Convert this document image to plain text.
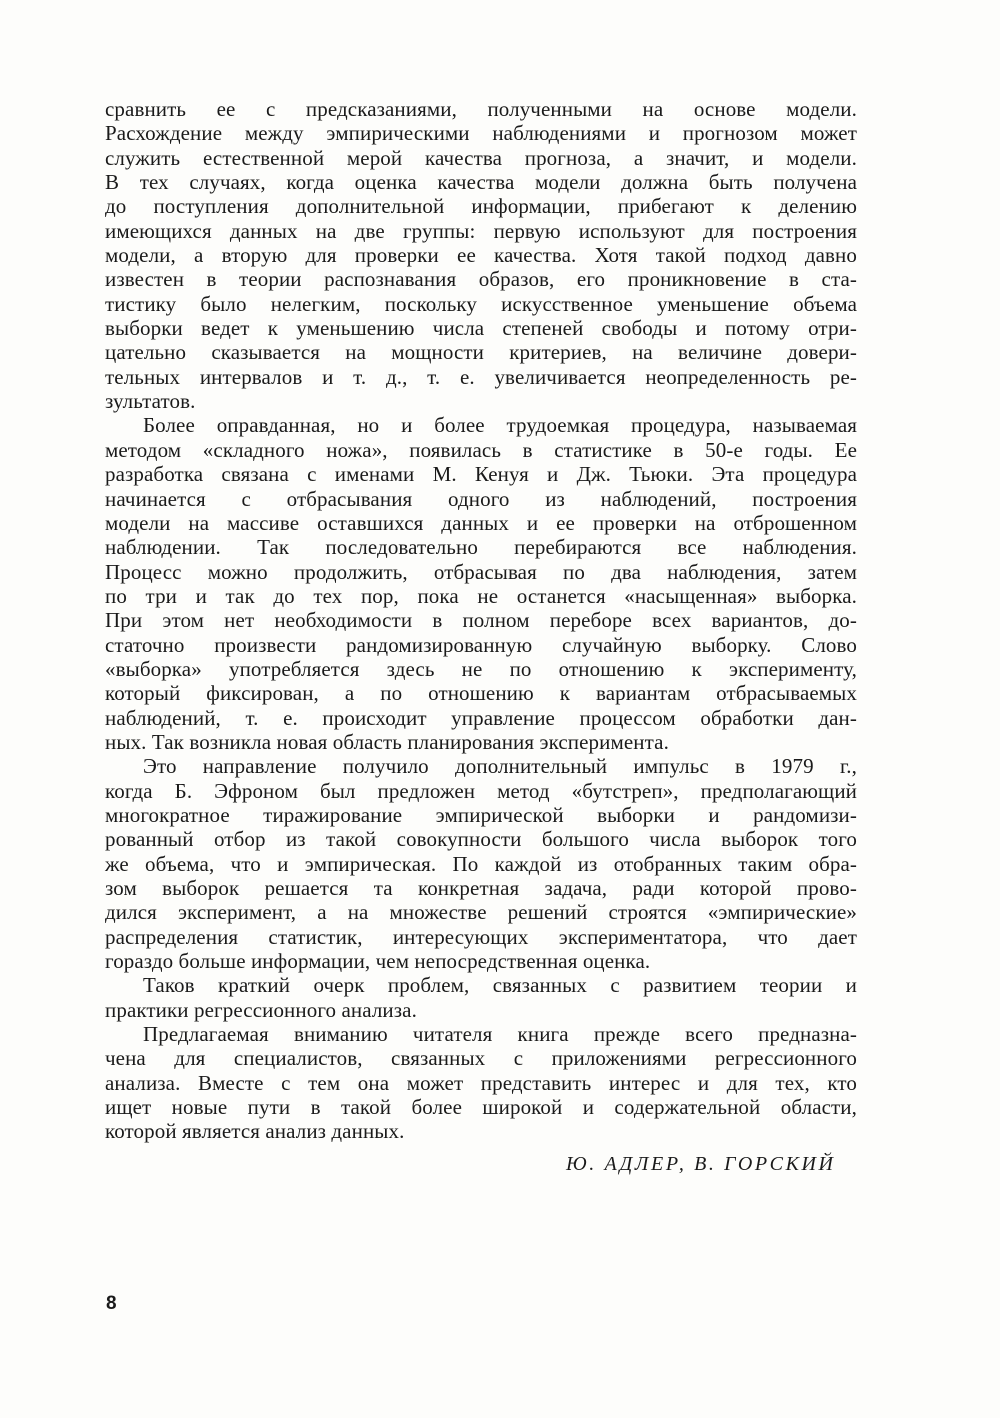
сравнить ее с предсказаниями, полученными на основе модели.
Расхождение между эмпирическими наблюдениями и прогнозом может
служить естественной мерой качества прогноза, а значит, и модели.
В тех случаях, когда оценка качества модели должна быть получена
до поступления дополнительной информации, прибегают к делению
имеющихся данных на две группы: первую используют для построения
модели, а вторую для проверки ее качества. Хотя такой подход давно
известен в теории распознавания образов, его проникновение в ста-
тистику было нелегким, поскольку искусственное уменьшение объема
выборки ведет к уменьшению числа степеней свободы и потому отри-
цательно сказывается на мощности критериев, на величине довери-
тельных интервалов и т. д., т. е. увеличивается неопределенность ре-
зультатов.
Более оправданная, но и более трудоемкая процедура, называемая
методом «складного ножа», появилась в статистике в 50-е годы. Ее
разработка связана с именами М. Кенуя и Дж. Тьюки. Эта процедура
начинается с отбрасывания одного из наблюдений, построения
модели на массиве оставшихся данных и ее проверки на отброшенном
наблюдении. Так последовательно перебираются все наблюдения.
Процесс можно продолжить, отбрасывая по два наблюдения, затем
по три и так до тех пор, пока не останется «насыщенная» выборка.
При этом нет необходимости в полном переборе всех вариантов, до-
статочно произвести рандомизированную случайную выборку. Слово
«выборка» употребляется здесь не по отношению к эксперименту,
который фиксирован, а по отношению к вариантам отбрасываемых
наблюдений, т. е. происходит управление процессом обработки дан-
ных. Так возникла новая область планирования эксперимента.
Это направление получило дополнительный импульс в 1979 г.,
когда Б. Эфроном был предложен метод «бутстреп», предполагающий
многократное тиражирование эмпирической выборки и рандомизи-
рованный отбор из такой совокупности большого числа выборок того
же объема, что и эмпирическая. По каждой из отобранных таким обра-
зом выборок решается та конкретная задача, ради которой прово-
дился эксперимент, а на множестве решений строятся «эмпирические»
распределения статистик, интересующих экспериментатора, что дает
гораздо больше информации, чем непосредственная оценка.
Таков краткий очерк проблем, связанных с развитием теории и
практики регрессионного анализа.
Предлагаемая вниманию читателя книга прежде всего предназна-
чена для специалистов, связанных с приложениями регрессионного
анализа. Вместе с тем она может представить интерес и для тех, кто
ищет новые пути в такой более широкой и содержательной области,
которой является анализ данных.
Ю. АДЛЕР, В. ГОРСКИЙ
8
